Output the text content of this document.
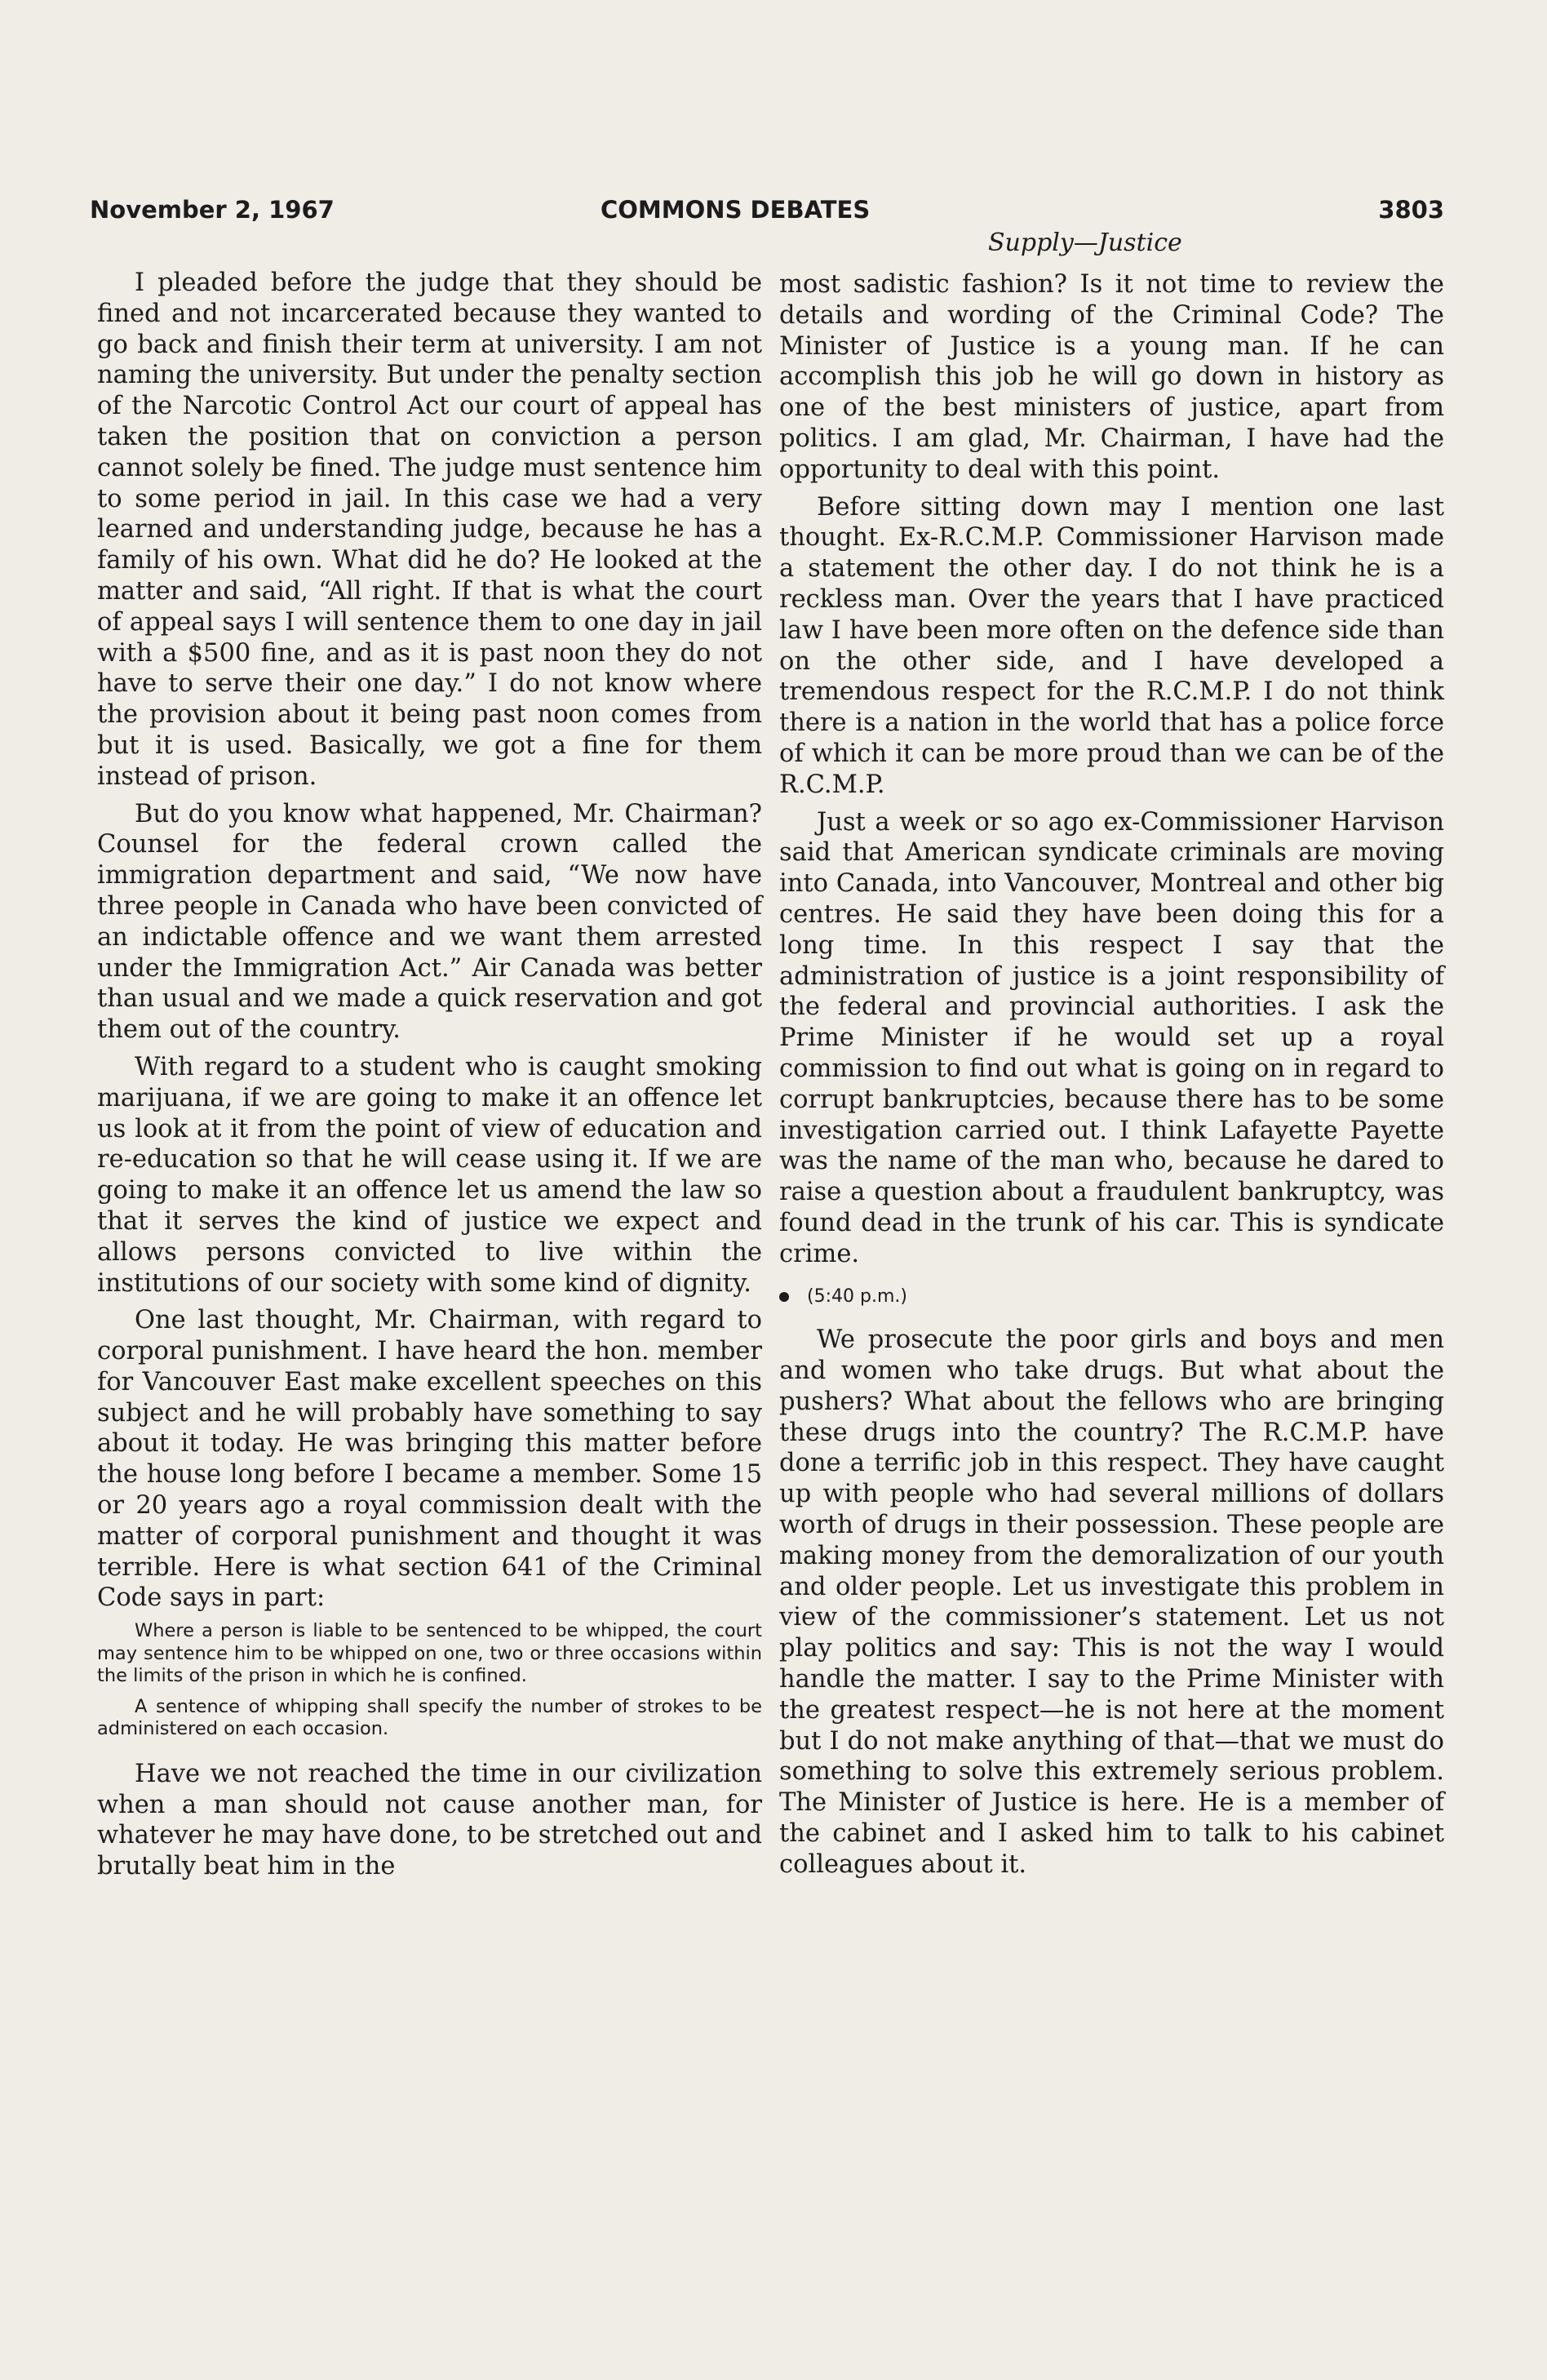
November 2, 1967	COMMONS DEBATES	3803
Supply—Justice

I pleaded before the judge that they should be fined and not incarcerated because they wanted to go back and finish their term at university. I am not naming the university. But under the penalty section of the Narcotic Control Act our court of appeal has taken the position that on conviction a person cannot solely be fined. The judge must sentence him to some period in jail. In this case we had a very learned and understanding judge, because he has a family of his own. What did he do? He looked at the matter and said, “All right. If that is what the court of appeal says I will sentence them to one day in jail with a $500 fine, and as it is past noon they do not have to serve their one day.” I do not know where the provision about it being past noon comes from but it is used. Basically, we got a fine for them instead of prison.

But do you know what happened, Mr. Chairman? Counsel for the federal crown called the immigration department and said, “We now have three people in Canada who have been convicted of an indictable offence and we want them arrested under the Immigration Act.” Air Canada was better than usual and we made a quick reservation and got them out of the country.

With regard to a student who is caught smoking marijuana, if we are going to make it an offence let us look at it from the point of view of education and re-education so that he will cease using it. If we are going to make it an offence let us amend the law so that it serves the kind of justice we expect and allows persons convicted to live within the institutions of our society with some kind of dignity.

One last thought, Mr. Chairman, with regard to corporal punishment. I have heard the hon. member for Vancouver East make excellent speeches on this subject and he will probably have something to say about it today. He was bringing this matter before the house long before I became a member. Some 15 or 20 years ago a royal commission dealt with the matter of corporal punishment and thought it was terrible. Here is what section 641 of the Criminal Code says in part:

Where a person is liable to be sentenced to be whipped, the court may sentence him to be whipped on one, two or three occasions within the limits of the prison in which he is confined.

A sentence of whipping shall specify the number of strokes to be administered on each occasion.

Have we not reached the time in our civilization when a man should not cause another man, for whatever he may have done, to be stretched out and brutally beat him in the

most sadistic fashion? Is it not time to review the details and wording of the Criminal Code? The Minister of Justice is a young man. If he can accomplish this job he will go down in history as one of the best ministers of justice, apart from politics. I am glad, Mr. Chairman, I have had the opportunity to deal with this point.

Before sitting down may I mention one last thought. Ex-R.C.M.P. Commissioner Harvison made a statement the other day. I do not think he is a reckless man. Over the years that I have practiced law I have been more often on the defence side than on the other side, and I have developed a tremendous respect for the R.C.M.P. I do not think there is a nation in the world that has a police force of which it can be more proud than we can be of the R.C.M.P.

Just a week or so ago ex-Commissioner Harvison said that American syndicate criminals are moving into Canada, into Vancouver, Montreal and other big centres. He said they have been doing this for a long time. In this respect I say that the administration of justice is a joint responsibility of the federal and provincial authorities. I ask the Prime Minister if he would set up a royal commission to find out what is going on in regard to corrupt bankruptcies, because there has to be some investigation carried out. I think Lafayette Payette was the name of the man who, because he dared to raise a question about a fraudulent bankruptcy, was found dead in the trunk of his car. This is syndicate crime.

(5:40 p.m.)

We prosecute the poor girls and boys and men and women who take drugs. But what about the pushers? What about the fellows who are bringing these drugs into the country? The R.C.M.P. have done a terrific job in this respect. They have caught up with people who had several millions of dollars worth of drugs in their possession. These people are making money from the demoralization of our youth and older people. Let us investigate this problem in view of the commissioner’s statement. Let us not play politics and say: This is not the way I would handle the matter. I say to the Prime Minister with the greatest respect—he is not here at the moment but I do not make anything of that—that we must do something to solve this extremely serious problem. The Minister of Justice is here. He is a member of the cabinet and I asked him to talk to his cabinet colleagues about it.
